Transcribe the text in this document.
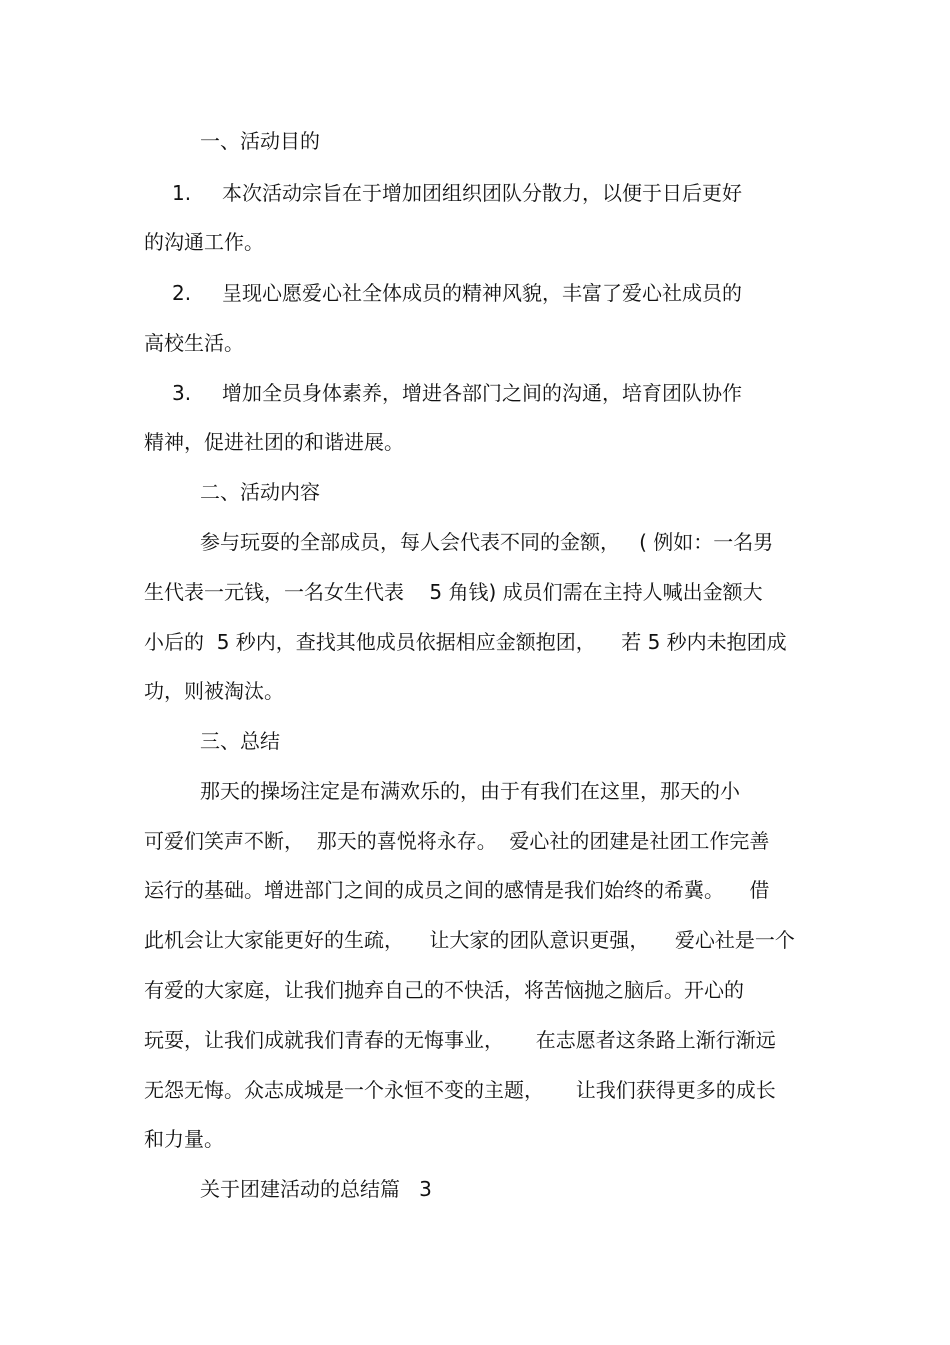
一、活动目的
1. 本次活动宗旨在于增加团组织团队分散力，以便于日后更好
的沟通工作。
2. 呈现心愿爱心社全体成员的精神风貌，丰富了爱心社成员的
高校生活。
3. 增加全员身体素养，增进各部门之间的沟通，培育团队协作
精神，促进社团的和谐进展。
二、活动内容
参与玩耍的全部成员，每人会代表不同的金额，   ( 例如：一名男
生代表一元钱，一名女生代表    5 角钱) 成员们需在主持人喊出金额大
小后的  5 秒内，查找其他成员依据相应金额抱团，    若 5 秒内未抱团成
功，则被淘汰。
三、总结
那天的操场注定是布满欢乐的，由于有我们在这里，那天的小
可爱们笑声不断，  那天的喜悦将永存。  爱心社的团建是社团工作完善
运行的基础。增进部门之间的成员之间的感情是我们始终的希冀。    借
此机会让大家能更好的生疏，    让大家的团队意识更强，    爱心社是一个
有爱的大家庭，让我们抛弃自己的不快活，将苦恼抛之脑后。开心的
玩耍，让我们成就我们青春的无悔事业，     在志愿者这条路上渐行渐远
无怨无悔。众志成城是一个永恒不变的主题，     让我们获得更多的成长
和力量。
关于团建活动的总结篇   3
